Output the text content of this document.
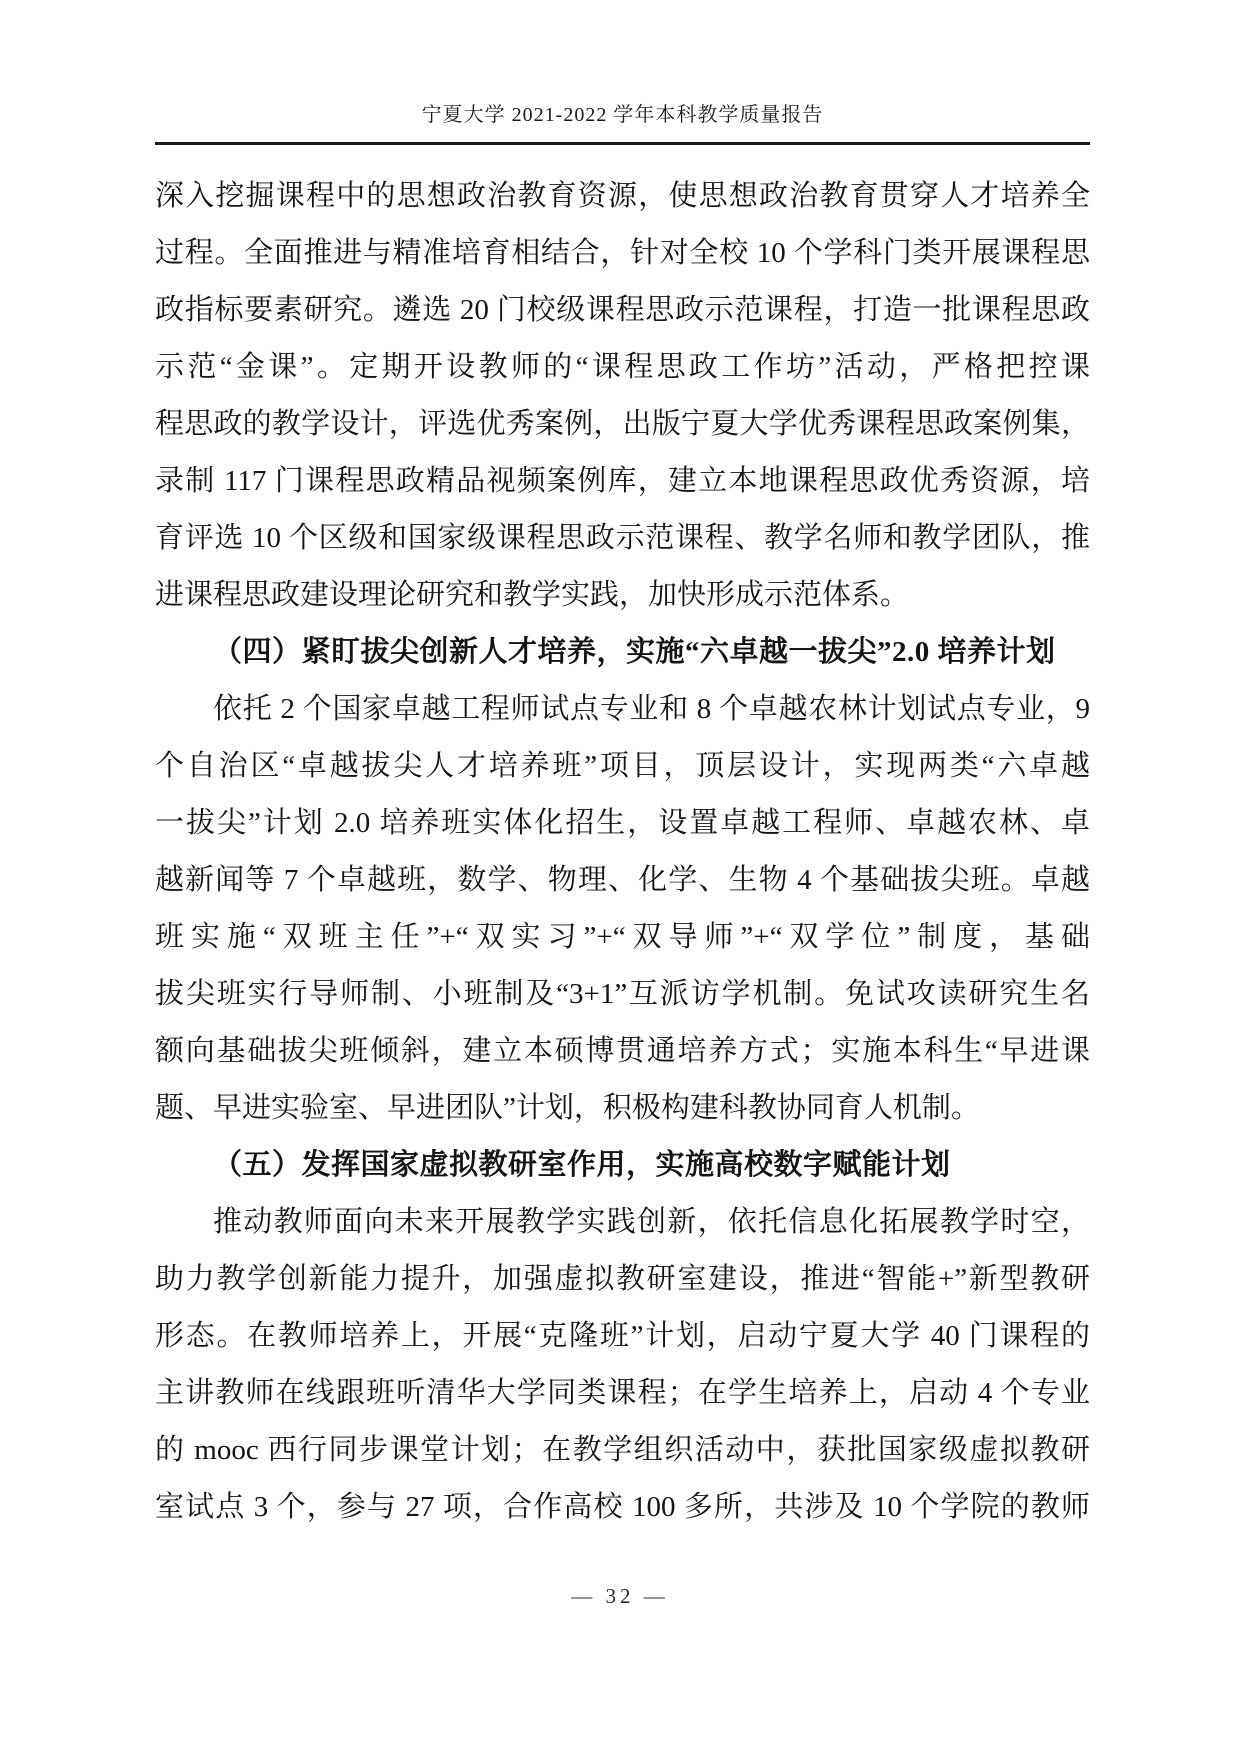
宁夏大学 2021-2022 学年本科教学质量报告
深入挖掘课程中的思想政治教育资源，使思想政治教育贯穿人才培养全
过程。全面推进与精准培育相结合，针对全校 10 个学科门类开展课程思
政指标要素研究。遴选 20 门校级课程思政示范课程，打造一批课程思政
示范“金课”。定期开设教师的“课程思政工作坊”活动，严格把控课
程思政的教学设计，评选优秀案例，出版宁夏大学优秀课程思政案例集，
录制 117 门课程思政精品视频案例库，建立本地课程思政优秀资源，培
育评选 10 个区级和国家级课程思政示范课程、教学名师和教学团队，推
进课程思政建设理论研究和教学实践，加快形成示范体系。
（四）紧盯拔尖创新人才培养，实施“六卓越一拔尖”2.0 培养计划
依托 2 个国家卓越工程师试点专业和 8 个卓越农林计划试点专业，9
个自治区“卓越拔尖人才培养班”项目，顶层设计，实现两类“六卓越
一拔尖”计划 2.0 培养班实体化招生，设置卓越工程师、卓越农林、卓
越新闻等 7 个卓越班，数学、物理、化学、生物 4 个基础拔尖班。卓越
班实施“双班主任”+“双实习”+“双导师”+“双学位”制度，基础
拔尖班实行导师制、小班制及“3+1”互派访学机制。免试攻读研究生名
额向基础拔尖班倾斜，建立本硕博贯通培养方式；实施本科生“早进课
题、早进实验室、早进团队”计划，积极构建科教协同育人机制。
（五）发挥国家虚拟教研室作用，实施高校数字赋能计划
推动教师面向未来开展教学实践创新，依托信息化拓展教学时空，
助力教学创新能力提升，加强虚拟教研室建设，推进“智能+”新型教研
形态。在教师培养上，开展“克隆班”计划，启动宁夏大学 40 门课程的
主讲教师在线跟班听清华大学同类课程；在学生培养上，启动 4 个专业
的 mooc 西行同步课堂计划；在教学组织活动中，获批国家级虚拟教研
室试点 3 个，参与 27 项，合作高校 100 多所，共涉及 10 个学院的教师
— 32 —
